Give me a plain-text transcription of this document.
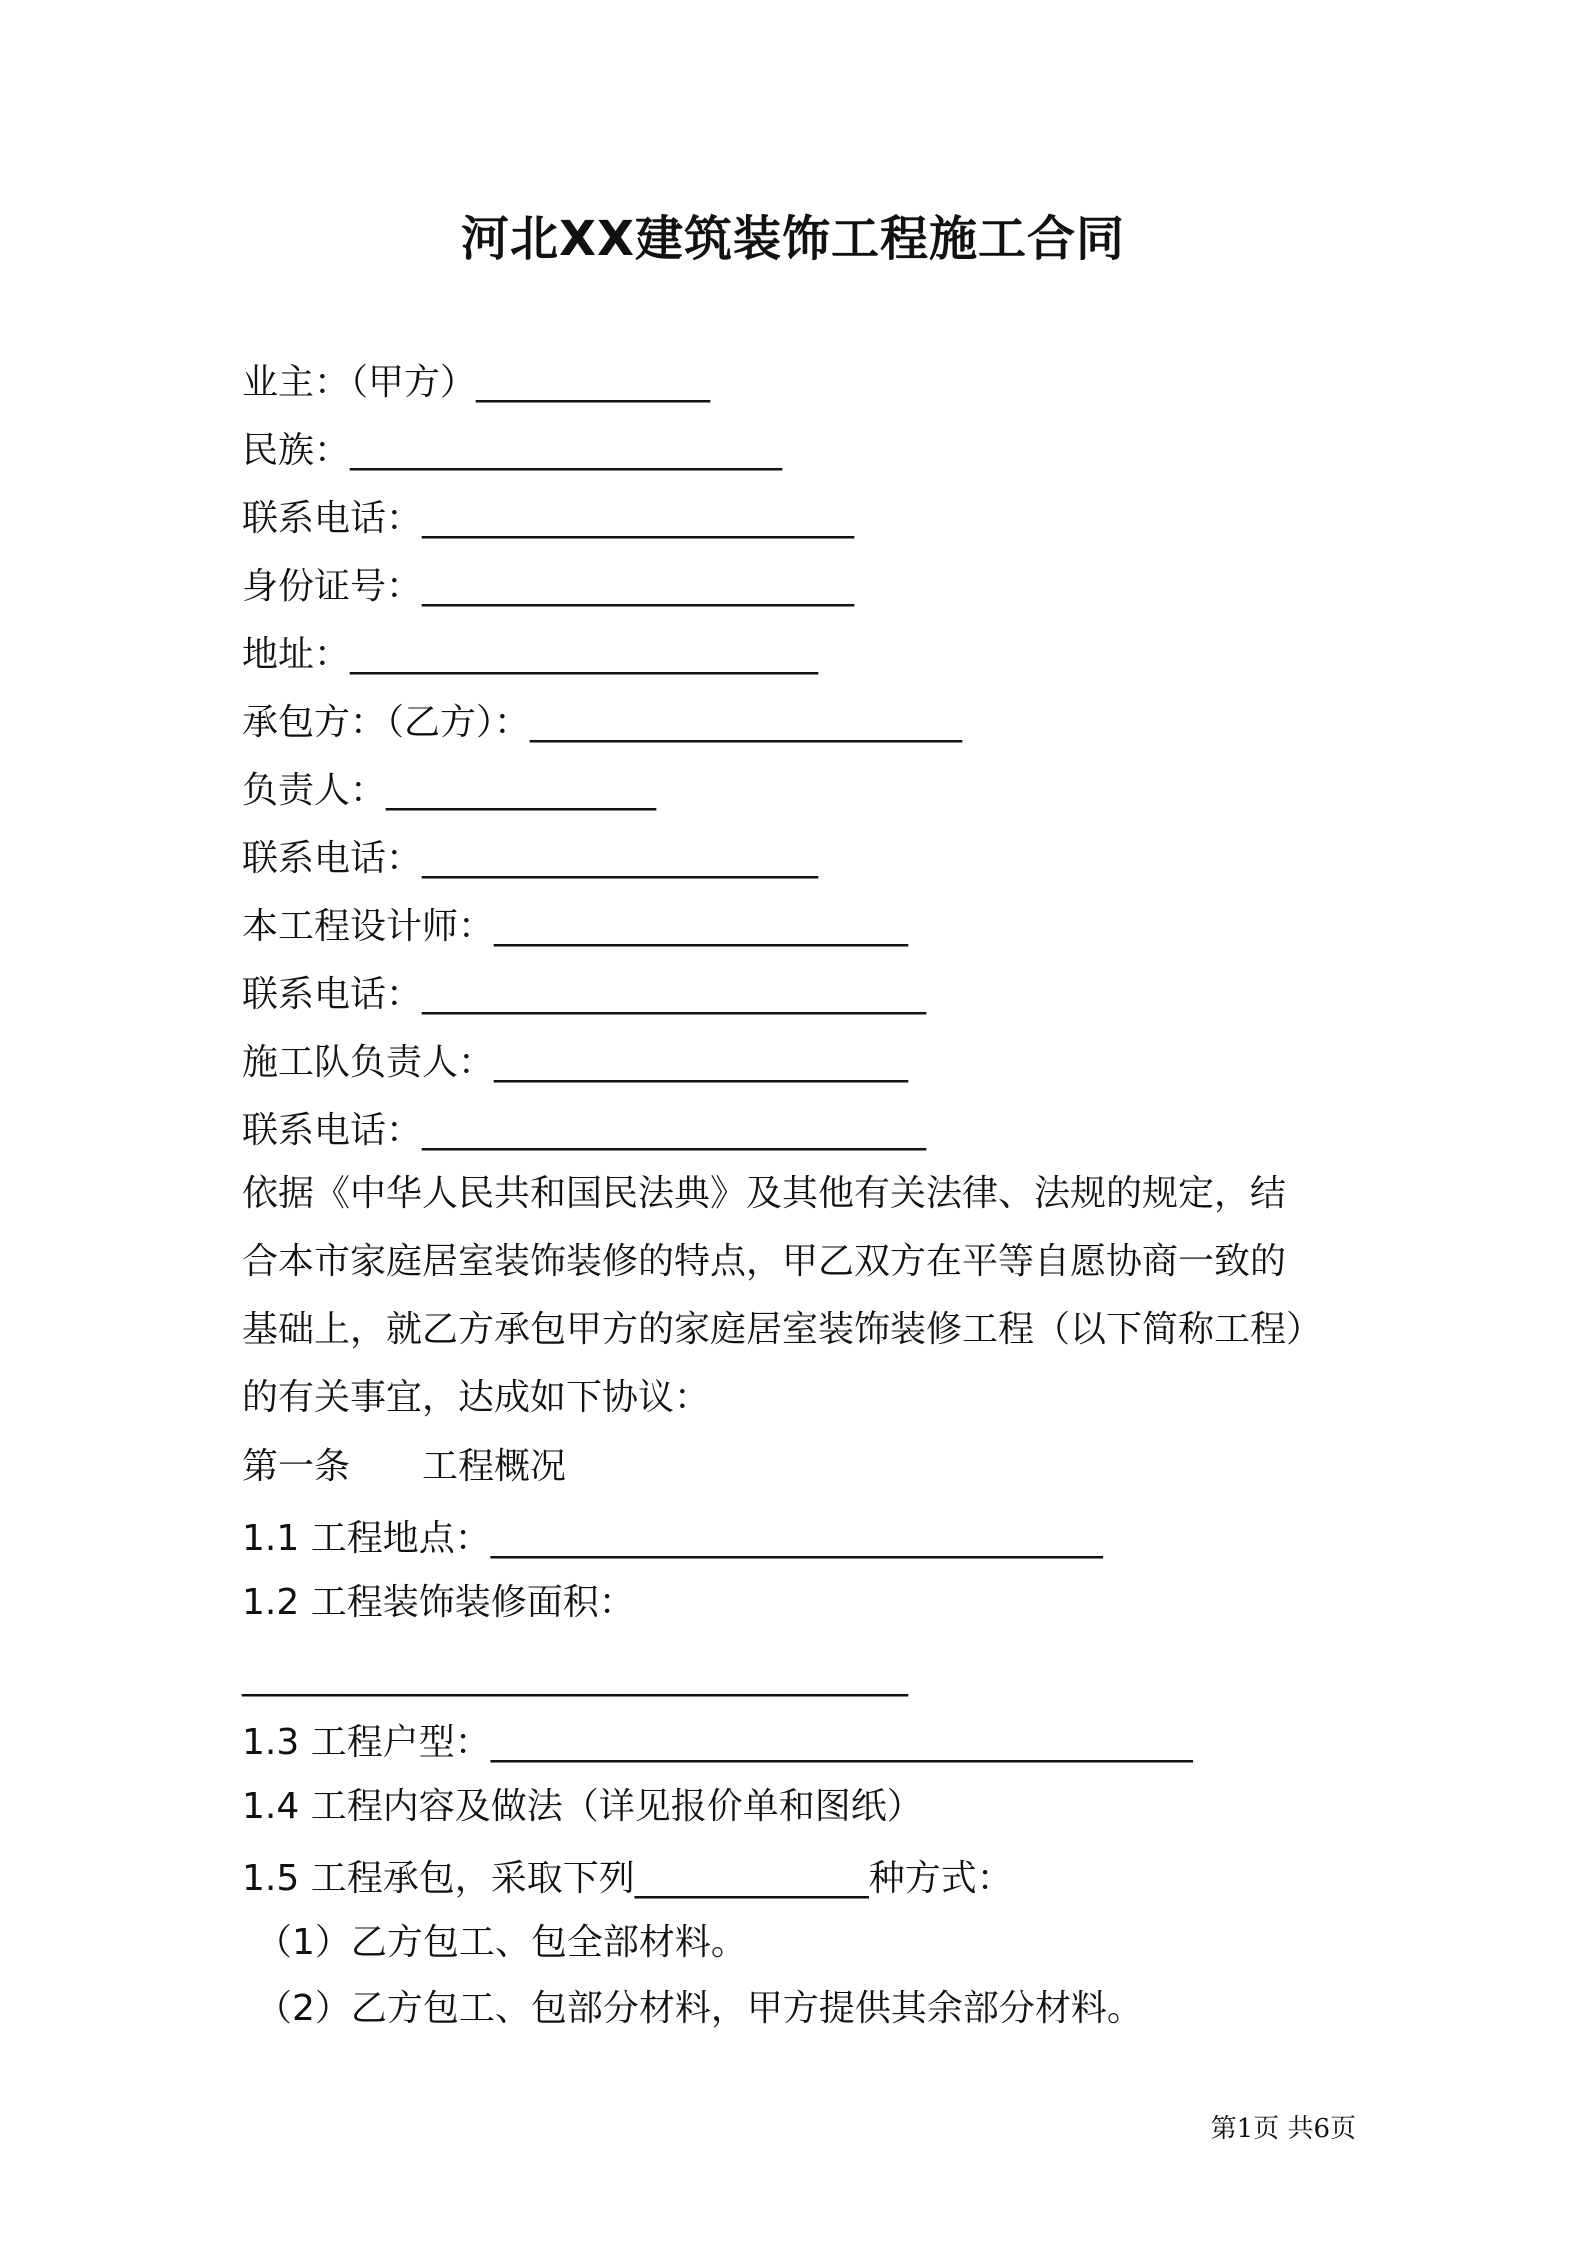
河北XX建筑装饰工程施工合同
业主：（甲方）_____________
民族：________________________
联系电话：________________________
身份证号：________________________
地址：__________________________
承包方：（乙方）：________________________
负责人：_______________
联系电话：______________________
本工程设计师：_______________________
联系电话：____________________________
施工队负责人：_______________________
联系电话：____________________________
依据《中华人民共和国民法典》及其他有关法律、法规的规定，结
合本市家庭居室装饰装修的特点，甲乙双方在平等自愿协商一致的
基础上，就乙方承包甲方的家庭居室装饰装修工程（以下简称工程）
的有关事宜，达成如下协议：
第一条　　工程概况
1.1 工程地点：__________________________________
1.2 工程装饰装修面积：
_____________________________________
1.3 工程户型：_______________________________________
1.4 工程内容及做法（详见报价单和图纸）
1.5 工程承包，采取下列_____________种方式：
（1）乙方包工、包全部材料。
（2）乙方包工、包部分材料，甲方提供其余部分材料。
第1页 共6页
